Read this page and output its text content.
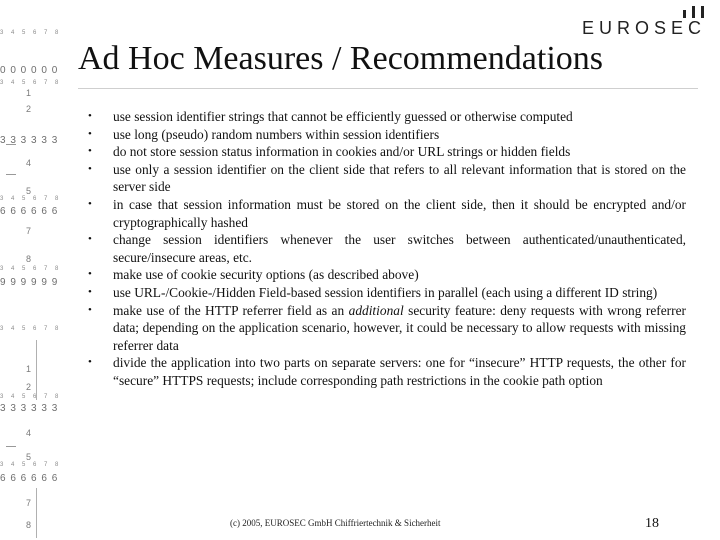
3 4 5 6 7 8
0 0 0 0 0 0
3 4 5 6 7 8
3 3 3 3 3 3
3 4 5 6 7 8
6 6 6 6 6 6
3 4 5 6 7 8
9 9 9 9 9 9
3 4 5 6 7 8
3 4 5 6 7 8
3 3 3 3 3 3
3 4 5 6 7 8
6 6 6 6 6 6
1
2
4
5
7
8
1
2
4
5
7
8
EUROSEC
Ad Hoc Measures / Recommendations
• use session identifier strings that cannot be efficiently guessed or otherwise computed
• use long (pseudo) random numbers within session identifiers
• do not store session status information in cookies and/or URL strings or hidden fields
• use only a session identifier on the client side that refers to all relevant information that is stored on the server side
• in case that session information must be stored on the client side, then it should be encrypted and/or cryptographically hashed
• change session identifiers whenever the user switches between authenticated/unauthenticated, secure/insecure areas, etc.
• make use of cookie security options (as described above)
• use URL-/Cookie-/Hidden Field-based session identifiers in parallel (each using a different ID string)
• make use of the HTTP referrer field as an additional security feature: deny requests with wrong referrer data; depending on the application scenario, however, it could be necessary to allow requests with missing referrer data
• divide the application into two parts on separate servers: one for “insecure” HTTP requests, the other for “secure” HTTPS requests; include corresponding path restrictions in the cookie path option
(c) 2005, EUROSEC GmbH Chiffriertechnik & Sicherheit	18
